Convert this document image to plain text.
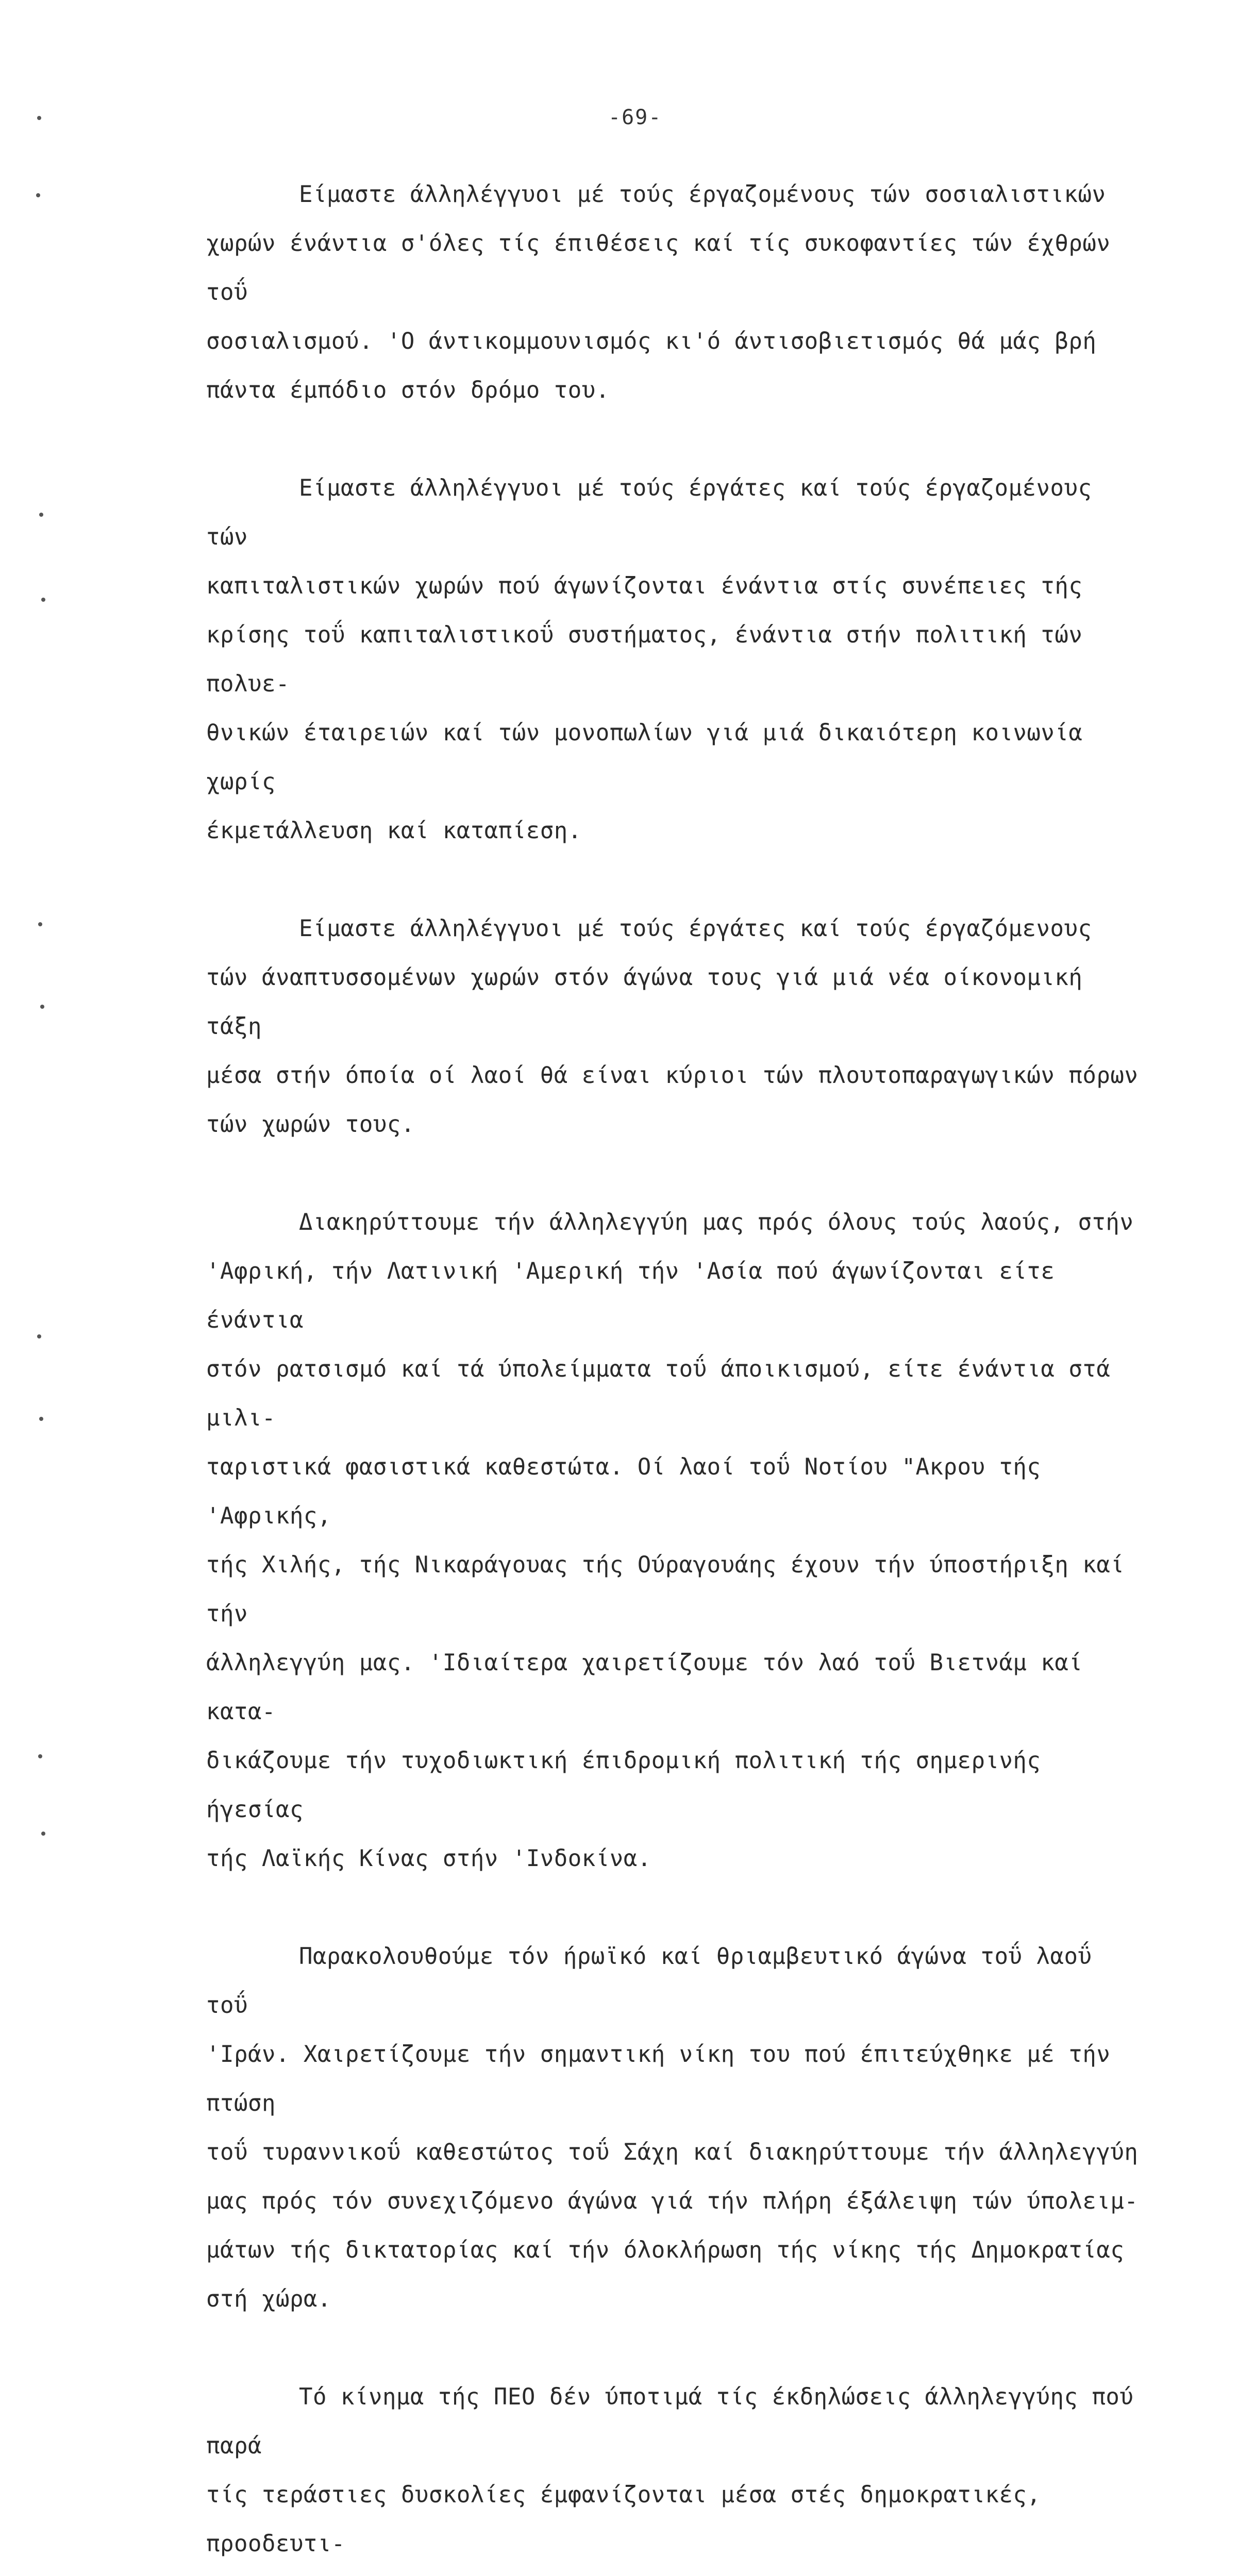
-69-

Είμαστε άλληλέγγυοι μέ τούς έργαζομένους τών σοσιαλιστικών
χωρών ένάντια σ'όλες τίς έπιθέσεις καί τίς συκοφαντίες τών έχθρών τοΰ
σοσιαλισμού. 'Ο άντικομμουνισμός κι'ό άντισοβιετισμός θά μάς βρή
πάντα έμπόδιο στόν δρόμο του.

Είμαστε άλληλέγγυοι μέ τούς έργάτες καί τούς έργαζομένους τών
καπιταλιστικών χωρών πού άγωνίζονται ένάντια στίς συνέπειες τής
κρίσης τοΰ καπιταλιστικοΰ συστήματος, ένάντια στήν πολιτική τών πολυε-
θνικών έταιρειών καί τών μονοπωλίων γιά μιά δικαιότερη κοινωνία χωρίς
έκμετάλλευση καί καταπίεση.

Είμαστε άλληλέγγυοι μέ τούς έργάτες καί τούς έργαζόμενους
τών άναπτυσσομένων χωρών στόν άγώνα τους γιά μιά νέα οίκονομική τάξη
μέσα στήν όποία οί λαοί θά είναι κύριοι τών πλουτοπαραγωγικών πόρων
τών χωρών τους.

Διακηρύττουμε τήν άλληλεγγύη μας πρός όλους τούς λαούς, στήν
'Αφρική, τήν Λατινική 'Αμερική τήν 'Ασία πού άγωνίζονται είτε ένάντια
στόν ρατσισμό καί τά ύπολείμματα τοΰ άποικισμού, είτε ένάντια στά μιλι-
ταριστικά φασιστικά καθεστώτα. Οί λαοί τοΰ Νοτίου "Ακρου τής 'Αφρικής,
τής Χιλής, τής Νικαράγουας τής Ούραγουάης έχουν τήν ύποστήριξη καί τήν
άλληλεγγύη μας. 'Ιδιαίτερα χαιρετίζουμε τόν λαό τοΰ Βιετνάμ καί κατα-
δικάζουμε τήν τυχοδιωκτική έπιδρομική πολιτική τής σημερινής ήγεσίας
τής Λαϊκής Κίνας στήν 'Ινδοκίνα.

Παρακολουθούμε τόν ήρωϊκό καί θριαμβευτικό άγώνα τοΰ λαοΰ τοΰ
'Ιράν. Χαιρετίζουμε τήν σημαντική νίκη του πού έπιτεύχθηκε μέ τήν πτώση
τοΰ τυραννικοΰ καθεστώτος τοΰ Σάχη καί διακηρύττουμε τήν άλληλεγγύη
μας πρός τόν συνεχιζόμενο άγώνα γιά τήν πλήρη έξάλειψη τών ύπολειμ-
μάτων τής δικτατορίας καί τήν όλοκλήρωση τής νίκης τής Δημοκρατίας
στή χώρα.

Τό κίνημα τής ΠΕΟ δέν ύποτιμά τίς έκδηλώσεις άλληλεγγύης πού παρά
τίς τεράστιες δυσκολίες έμφανίζονται μέσα στές δημοκρατικές, προοδευτι-
